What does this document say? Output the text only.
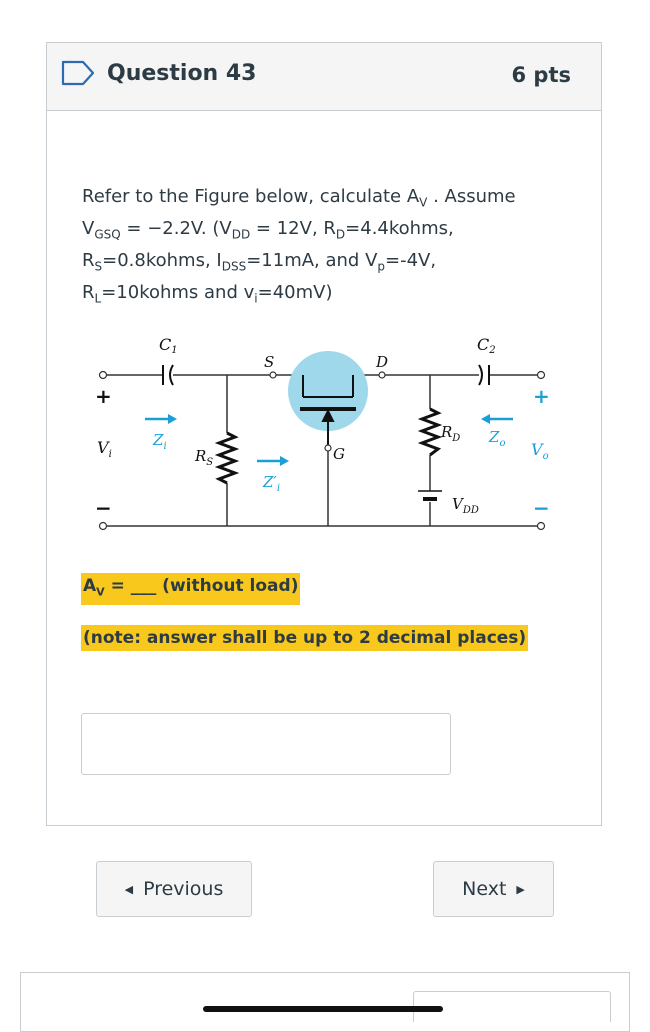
Question 43	6 pts
Refer to the Figure below, calculate $A_V$ . Assume
$V_{GSQ} = -2.2V$. ($V_{DD} = 12V$, $R_D=4.4kohms$,
$R_S=0.8kohms$, $I_{DSS}=11mA$, and $V_p=-4V$,
$R_L=10kohms$ and $v_i=40mV$)
C1	C2
S	D
G
$R_S$
$R_D$
$V_{DD}$
$V_i$
$Z_i$
$Z'_i$
$Z_o$ $V_o$
+
−
+
−
$A_V$ = ___ (without load)
(note: answer shall be up to 2 decimal places)
◀ Previous	Next ▶
